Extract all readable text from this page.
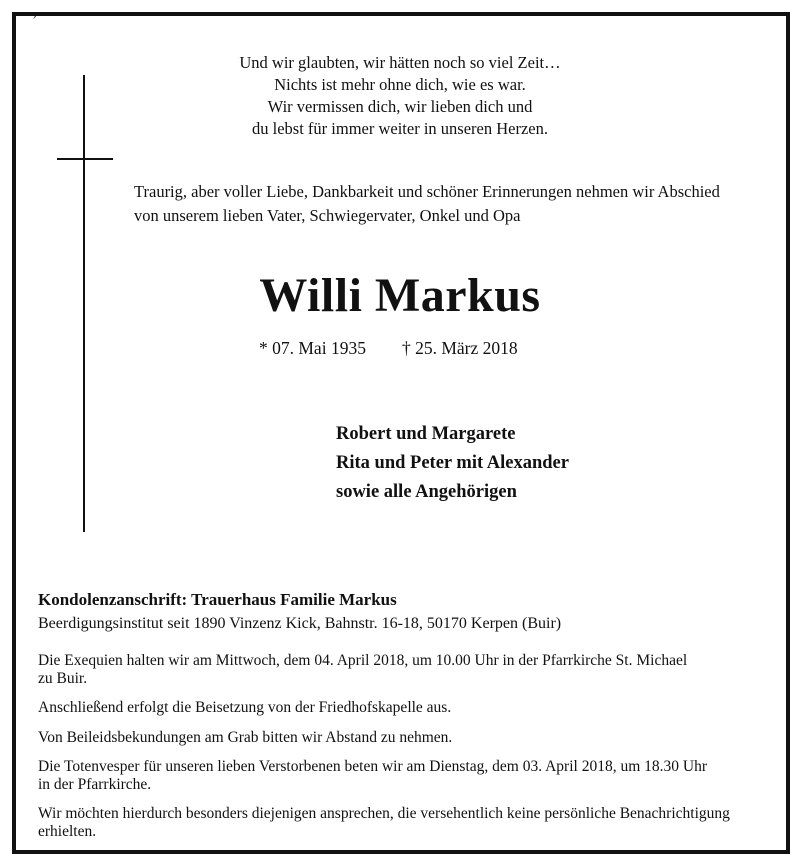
’
Und wir glaubten, wir hätten noch so viel Zeit…
Nichts ist mehr ohne dich, wie es war.
Wir vermissen dich, wir lieben dich und
du lebst für immer weiter in unseren Herzen.
Traurig, aber voller Liebe, Dankbarkeit und schöner Erinnerungen nehmen wir Abschied
von unserem lieben Vater, Schwiegervater, Onkel und Opa
Willi Markus
* 07. Mai 1935 † 25. März 2018
Robert und Margarete
Rita und Peter mit Alexander
sowie alle Angehörigen
Kondolenzanschrift: Trauerhaus Familie Markus
Beerdigungsinstitut seit 1890 Vinzenz Kick, Bahnstr. 16-18, 50170 Kerpen (Buir)

Die Exequien halten wir am Mittwoch, dem 04. April 2018, um 10.00 Uhr in der Pfarrkirche St. Michael
zu Buir.

Anschließend erfolgt die Beisetzung von der Friedhofskapelle aus.

Von Beileidsbekundungen am Grab bitten wir Abstand zu nehmen.

Die Totenvesper für unseren lieben Verstorbenen beten wir am Dienstag, dem 03. April 2018, um 18.30 Uhr
in der Pfarrkirche.

Wir möchten hierdurch besonders diejenigen ansprechen, die versehentlich keine persönliche Benachrichtigung
erhielten.
